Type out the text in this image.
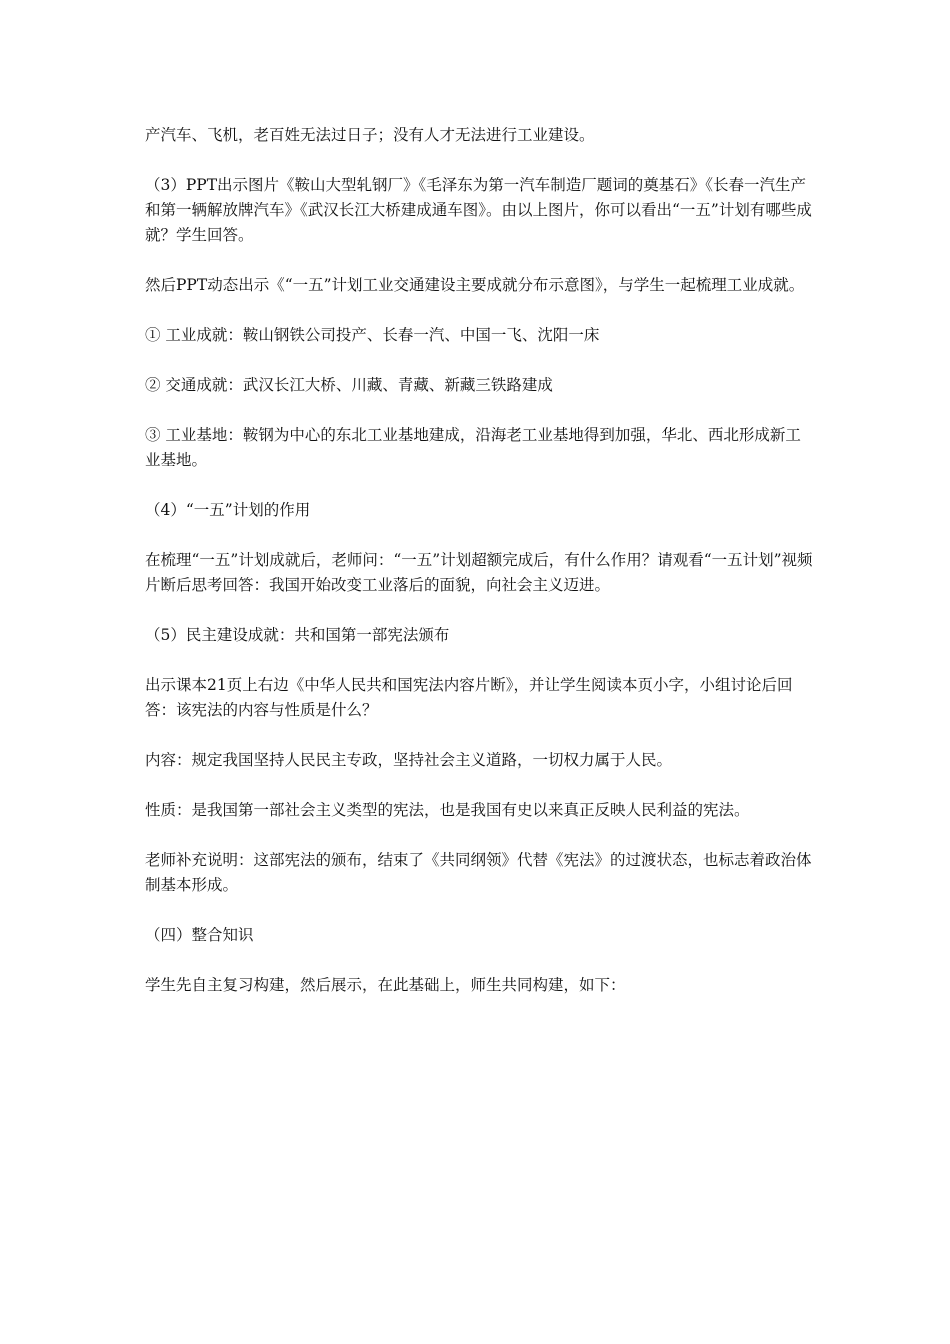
产汽车、飞机，老百姓无法过日子；没有人才无法进行工业建设。

（3）PPT出示图片《鞍山大型轧钢厂》《毛泽东为第一汽车制造厂题词的奠基石》《长春一汽生产和第一辆解放牌汽车》《武汉长江大桥建成通车图》。由以上图片，你可以看出“一五”计划有哪些成就？学生回答。

然后PPT动态出示《“一五”计划工业交通建设主要成就分布示意图》，与学生一起梳理工业成就。

① 工业成就：鞍山钢铁公司投产、长春一汽、中国一飞、沈阳一床

② 交通成就：武汉长江大桥、川藏、青藏、新藏三铁路建成

③ 工业基地：鞍钢为中心的东北工业基地建成，沿海老工业基地得到加强，华北、西北形成新工业基地。

（4）“一五”计划的作用

在梳理“一五”计划成就后，老师问：“一五”计划超额完成后，有什么作用？请观看“一五计划”视频片断后思考回答：我国开始改变工业落后的面貌，向社会主义迈进。

（5）民主建设成就：共和国第一部宪法颁布

出示课本21页上右边《中华人民共和国宪法内容片断》，并让学生阅读本页小字，小组讨论后回答：该宪法的内容与性质是什么？

内容：规定我国坚持人民民主专政，坚持社会主义道路，一切权力属于人民。

性质：是我国第一部社会主义类型的宪法，也是我国有史以来真正反映人民利益的宪法。

老师补充说明：这部宪法的颁布，结束了《共同纲领》代替《宪法》的过渡状态，也标志着政治体制基本形成。

（四）整合知识

学生先自主复习构建，然后展示，在此基础上，师生共同构建，如下：
